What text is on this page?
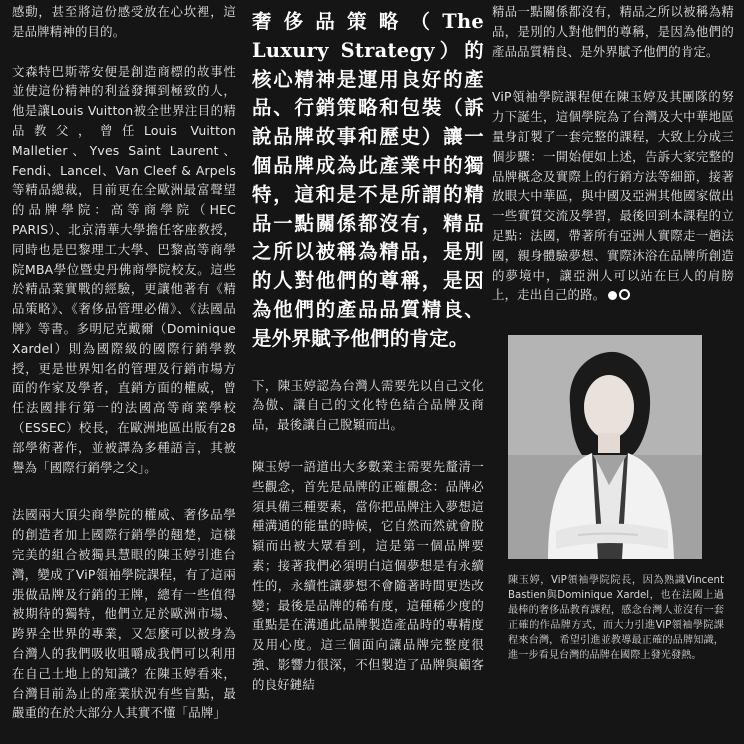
感動，甚至將這份感受放在心坎裡，這是品牌精神的目的。

文森特巴斯蒂安便是創造商標的故事性並使這份精神的利益發揮到極致的人，他是讓Louis Vuitton被全世界注目的精品教父，曾任Louis Vuitton Malletier、Yves Saint Laurent、Fendi、Lancel、Van Cleef & Arpels等精品總裁，目前更在全歐洲最富聲望的品牌學院：高等商學院（HEC PARIS）、北京清華大學擔任客座教授，同時也是巴黎理工大學、巴黎高等商學院MBA學位暨史丹佛商學院校友。這些於精品業實戰的經驗，更讓他著有《精品策略》、《奢侈品管理必備》、《法國品牌》等書。多明尼克戴爾（Dominique Xardel）則為國際級的國際行銷學教授，更是世界知名的管理及行銷市場方面的作家及學者，直銷方面的權威，曾任法國排行第一的法國高等商業學校（ESSEC）校長，在歐洲地區出版有28部學術著作，並被譯為多種語言，其被譽為「國際行銷學之父」。

法國兩大頂尖商學院的權威、奢侈品學的創造者加上國際行銷學的翹楚，這樣完美的組合被獨具慧眼的陳玉婷引進台灣，變成了ViP領袖學院課程，有了這兩張做品牌及行銷的王牌，總有一些值得被期待的獨特，他們立足於歐洲市場、跨界全世界的專業，又怎麼可以被身為台灣人的我們吸收咀嚼成我們可以利用在自己土地上的知識？在陳玉婷看來，台灣目前為止的產業狀況有些盲點，最嚴重的在於大部分人其實不懂「品牌」

奢侈品策略（The Luxury Strategy）的核心精神是運用良好的產品、行銷策略和包裝（訴說品牌故事和歷史）讓一個品牌成為此產業中的獨特，這和是不是所謂的精品一點關係都沒有，精品之所以被稱為精品，是別的人對他們的尊稱，是因為他們的產品品質精良、是外界賦予他們的肯定。

下，陳玉婷認為台灣人需要先以自己文化為傲、讓自己的文化特色結合品牌及商品，最後讓自己脫穎而出。

陳玉婷一語道出大多數業主需要先釐清一些觀念，首先是品牌的正確觀念：品牌必須具備三種要素，當你把品牌注入夢想這種溝通的能量的時候，它自然而然就會脫穎而出被大眾看到，這是第一個品牌要素；接著我們必須明白這個夢想是有永續性的，永續性讓夢想不會隨著時間更迭改變；最後是品牌的稀有度，這種稀少度的重點是在溝通此品牌製造產品時的專精度及用心度。這三個面向讓品牌完整度很強、影響力很深，不但製造了品牌與顧客的良好鏈結

精品一點關係都沒有，精品之所以被稱為精品，是別的人對他們的尊稱，是因為他們的產品品質精良、是外界賦予他們的肯定。

ViP領袖學院課程便在陳玉婷及其團隊的努力下誕生，這個學院為了台灣及大中華地區量身訂製了一套完整的課程，大致上分成三個步驟：一開始便如上述，告訴大家完整的品牌概念及實際上的行銷方法等細節，接著放眼大中華區，與中國及亞洲其他國家做出一些實質交流及學習，最後回到本課程的立足點：法國，帶著所有亞洲人實際走一趟法國，親身體驗夢想、實際沐浴在品牌所創造的夢境中，讓亞洲人可以站在巨人的肩膀上，走出自己的路。

陳玉婷，ViP領袖學院院長，因為熟識Vincent Bastien與Dominique Xardel，也在法國上過最棒的奢侈品教育課程，感念台灣人並沒有一套正確的作品牌方式，而大力引進ViP領袖學院課程來台灣，希望引進並教導最正確的品牌知識，進一步看見台灣的品牌在國際上發光發熱。
